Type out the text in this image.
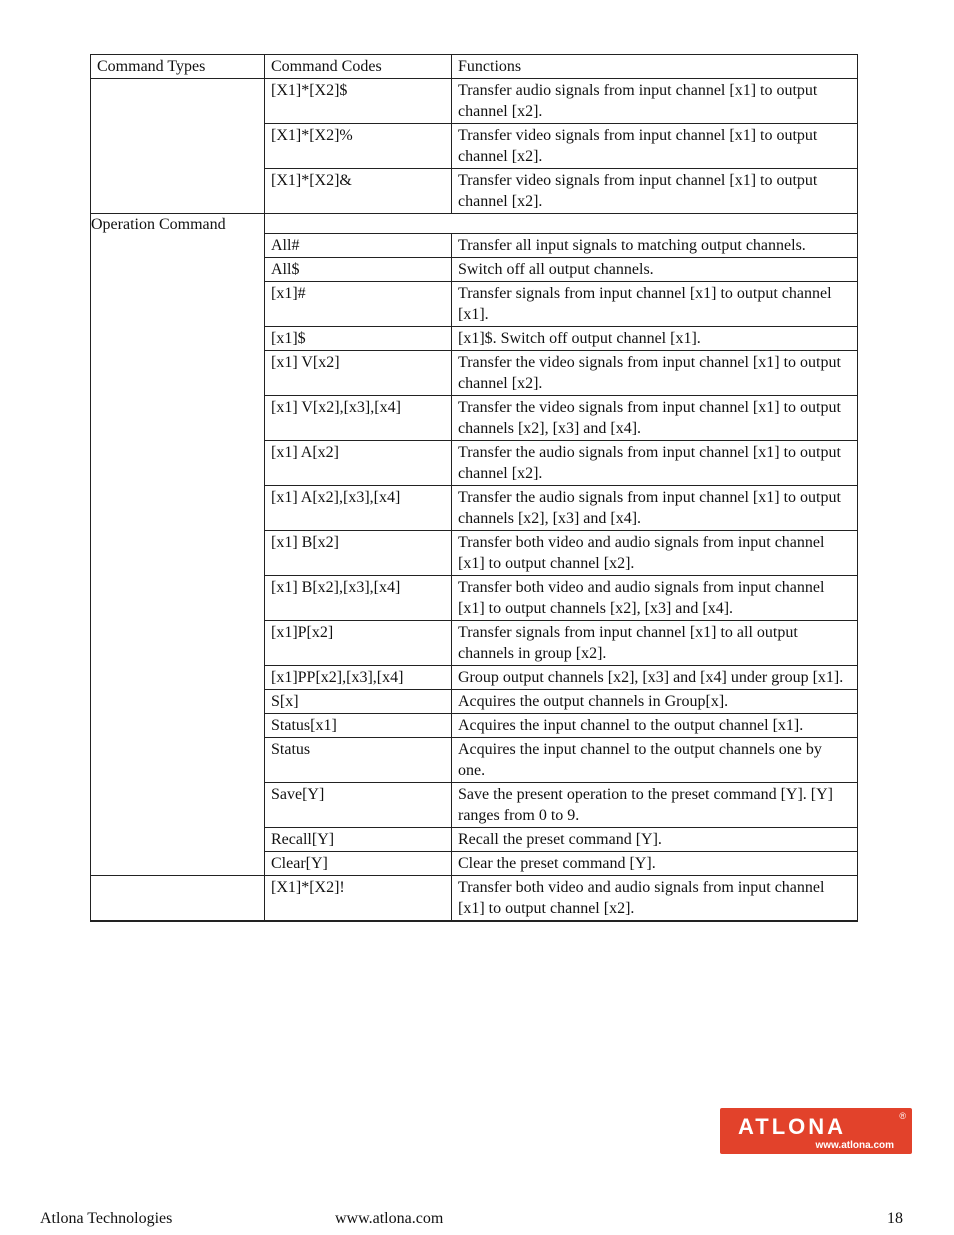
Command Types	Command Codes	Functions
	[X1]*[X2]$	Transfer audio signals from input channel [x1] to output channel [x2].
	[X1]*[X2]%	Transfer video signals from input channel [x1] to output channel [x2].
	[X1]*[X2]&	Transfer video signals from input channel [x1] to output channel [x2].
Operation Command		
	All#	Transfer all input signals to matching output channels.
	All$	Switch off all output channels.
	[x1]#	Transfer signals from input channel [x1] to output channel [x1].
	[x1]$	[x1]$. Switch off output channel [x1].
	[x1] V[x2]	Transfer the video signals from input channel [x1] to output channel [x2].
	[x1] V[x2],[x3],[x4]	Transfer the video signals from input channel [x1] to output channels [x2], [x3] and [x4].
	[x1] A[x2]	Transfer the audio signals from input channel [x1] to output channel [x2].
	[x1] A[x2],[x3],[x4]	Transfer the audio signals from input channel [x1] to output channels [x2], [x3] and [x4].
	[x1] B[x2]	Transfer both video and audio signals from input channel [x1] to output channel [x2].
	[x1] B[x2],[x3],[x4]	Transfer both video and audio signals from input channel [x1] to output channels [x2], [x3] and [x4].
	[x1]P[x2]	Transfer signals from input channel [x1] to all output channels in group [x2].
	[x1]PP[x2],[x3],[x4]	Group output channels [x2], [x3] and [x4] under group [x1].
	S[x]	Acquires the output channels in Group[x].
	Status[x1]	Acquires the input channel to the output channel [x1].
	Status	Acquires the input channel to the output channels one by one.
	Save[Y]	Save the present operation to the preset command [Y]. [Y] ranges from 0 to 9.
	Recall[Y]	Recall the preset command [Y].
	Clear[Y]	Clear the preset command [Y].
	[X1]*[X2]!	Transfer both video and audio signals from input channel [x1] to output channel [x2].
ATLONA	®
www.atlona.com
Atlona Technologies	www.atlona.com	18
